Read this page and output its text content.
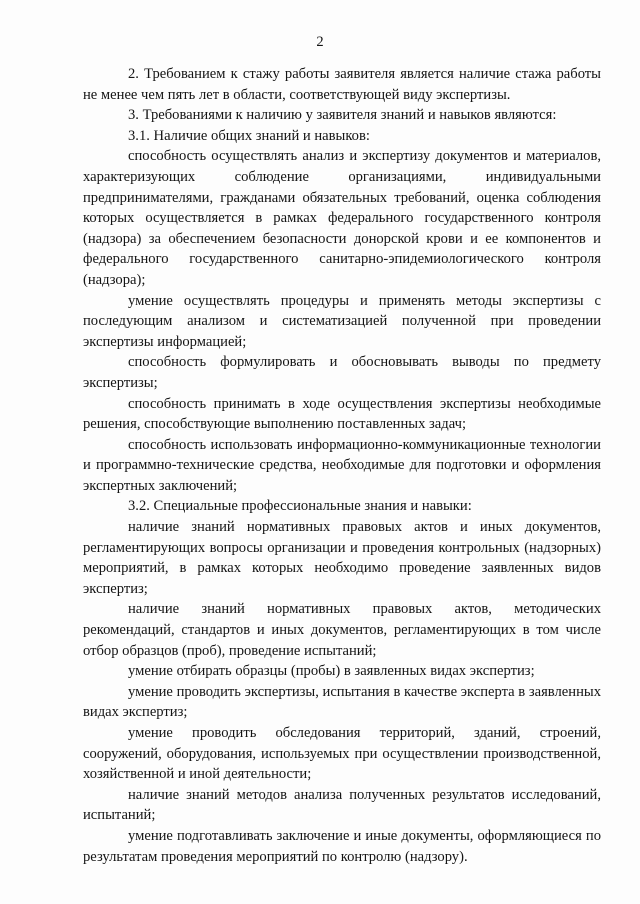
2

2. Требованием к стажу работы заявителя является наличие стажа работы не менее чем пять лет в области, соответствующей виду экспертизы.

3. Требованиями к наличию у заявителя знаний и навыков являются:

3.1. Наличие общих знаний и навыков:

способность осуществлять анализ и экспертизу документов и материалов, характеризующих соблюдение организациями, индивидуальными предпринимателями, гражданами обязательных требований, оценка соблюдения которых осуществляется в рамках федерального государственного контроля (надзора) за обеспечением безопасности донорской крови и ее компонентов и федерального государственного санитарно-эпидемиологического контроля (надзора);

умение осуществлять процедуры и применять методы экспертизы с последующим анализом и систематизацией полученной при проведении экспертизы информацией;

способность формулировать и обосновывать выводы по предмету экспертизы;

способность принимать в ходе осуществления экспертизы необходимые решения, способствующие выполнению поставленных задач;

способность использовать информационно-коммуникационные технологии и программно-технические средства, необходимые для подготовки и оформления экспертных заключений;

3.2. Специальные профессиональные знания и навыки:

наличие знаний нормативных правовых актов и иных документов, регламентирующих вопросы организации и проведения контрольных (надзорных) мероприятий, в рамках которых необходимо проведение заявленных видов экспертиз;

наличие знаний нормативных правовых актов, методических рекомендаций, стандартов и иных документов, регламентирующих в том числе отбор образцов (проб), проведение испытаний;

умение отбирать образцы (пробы) в заявленных видах экспертиз;

умение проводить экспертизы, испытания в качестве эксперта в заявленных видах экспертиз;

умение проводить обследования территорий, зданий, строений, сооружений, оборудования, используемых при осуществлении производственной, хозяйственной и иной деятельности;

наличие знаний методов анализа полученных результатов исследований, испытаний;

умение подготавливать заключение и иные документы, оформляющиеся по результатам проведения мероприятий по контролю (надзору).
